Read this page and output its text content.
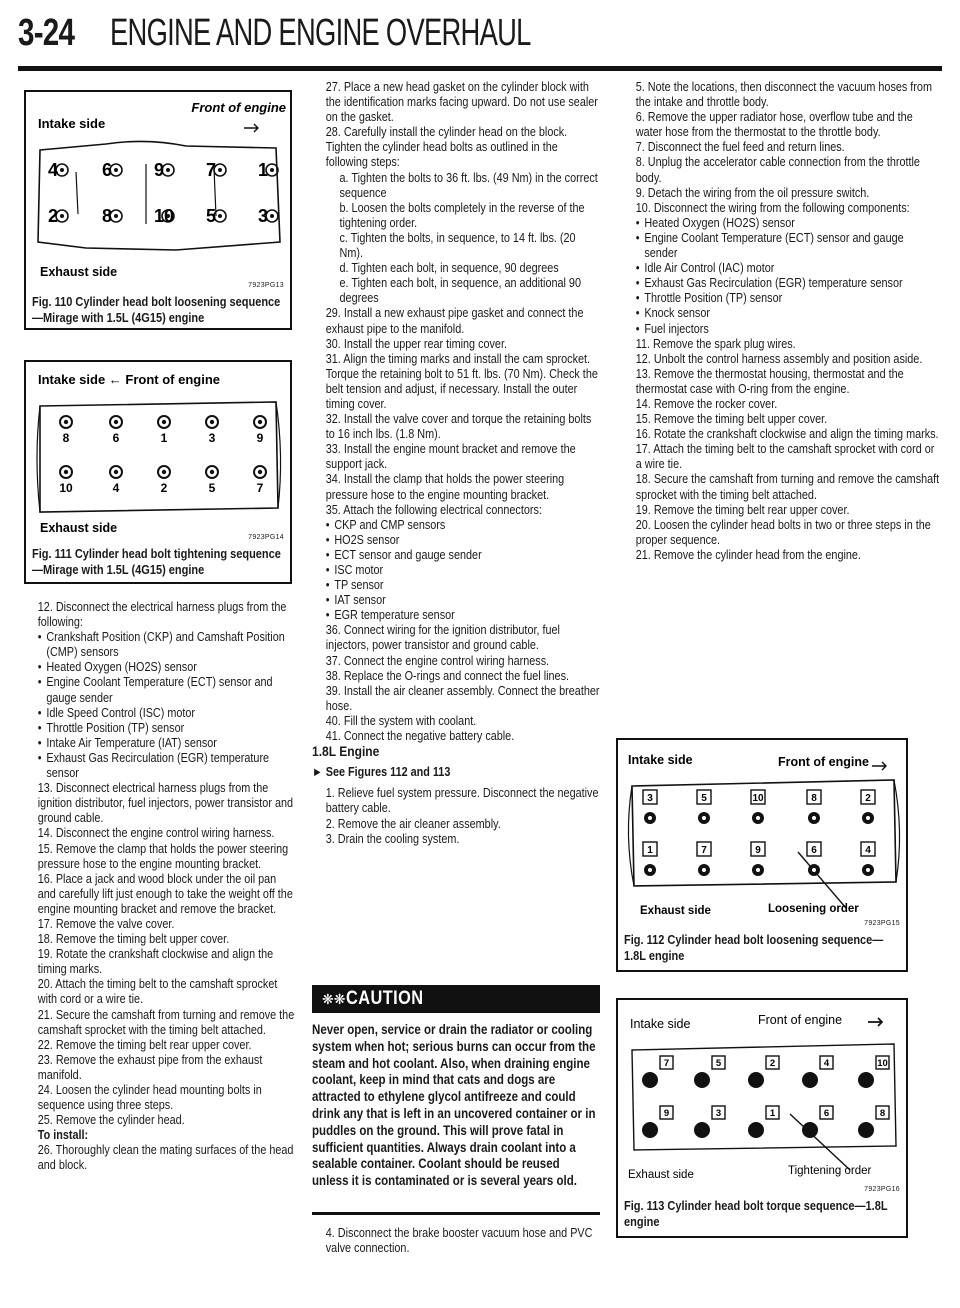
3-24 ENGINE AND ENGINE OVERHAUL
Front of engine
Intake side
4 6 9 7 1
2 8 10 5 3
Exhaust side
7923PG13
Fig. 110 Cylinder head bolt loosening sequence—Mirage with 1.5L (4G15) engine
Intake side ← Front of engine
8	6	1	3	9
10	4	2	5	7
Exhaust side
7923PG14
Fig. 111 Cylinder head bolt tightening sequence—Mirage with 1.5L (4G15) engine

12. Disconnect the electrical harness plugs from the following:

• Crankshaft Position (CKP) and Camshaft Position (CMP) sensors

• Heated Oxygen (HO2S) sensor

• Engine Coolant Temperature (ECT) sensor and gauge sender

• Idle Speed Control (ISC) motor

• Throttle Position (TP) sensor

• Intake Air Temperature (IAT) sensor

• Exhaust Gas Recirculation (EGR) temperature sensor

13. Disconnect electrical harness plugs from the ignition distributor, fuel injectors, power transistor and ground cable.

14. Disconnect the engine control wiring harness.

15. Remove the clamp that holds the power steering pressure hose to the engine mounting bracket.

16. Place a jack and wood block under the oil pan and carefully lift just enough to take the weight off the engine mounting bracket and remove the bracket.

17. Remove the valve cover.

18. Remove the timing belt upper cover.

19. Rotate the crankshaft clockwise and align the timing marks.

20. Attach the timing belt to the camshaft sprocket with cord or a wire tie.

21. Secure the camshaft from turning and remove the camshaft sprocket with the timing belt attached.

22. Remove the timing belt rear upper cover.

23. Remove the exhaust pipe from the exhaust manifold.

24. Loosen the cylinder head mounting bolts in sequence using three steps.

25. Remove the cylinder head.

To install:

26. Thoroughly clean the mating surfaces of the head and block.

27. Place a new head gasket on the cylinder block with the identification marks facing upward. Do not use sealer on the gasket.

28. Carefully install the cylinder head on the block. Tighten the cylinder head bolts as outlined in the following steps:

a. Tighten the bolts to 36 ft. lbs. (49 Nm) in the correct sequence

b. Loosen the bolts completely in the reverse of the tightening order.

c. Tighten the bolts, in sequence, to 14 ft. lbs. (20 Nm).

d. Tighten each bolt, in sequence, 90 degrees

e. Tighten each bolt, in sequence, an additional 90 degrees

29. Install a new exhaust pipe gasket and connect the exhaust pipe to the manifold.

30. Install the upper rear timing cover.

31. Align the timing marks and install the cam sprocket. Torque the retaining bolt to 51 ft. lbs. (70 Nm). Check the belt tension and adjust, if necessary. Install the outer timing cover.

32. Install the valve cover and torque the retaining bolts to 16 inch lbs. (1.8 Nm).

33. Install the engine mount bracket and remove the support jack.

34. Install the clamp that holds the power steering pressure hose to the engine mounting bracket.

35. Attach the following electrical connectors:

• CKP and CMP sensors

• HO2S sensor

• ECT sensor and gauge sender

• ISC motor

• TP sensor

• IAT sensor

• EGR temperature sensor

36. Connect wiring for the ignition distributor, fuel injectors, power transistor and ground cable.

37. Connect the engine control wiring harness.

38. Replace the O-rings and connect the fuel lines.

39. Install the air cleaner assembly. Connect the breather hose.

40. Fill the system with coolant.

41. Connect the negative battery cable.

1.8L Engine

► See Figures 112 and 113

1. Relieve fuel system pressure. Disconnect the negative battery cable.

2. Remove the air cleaner assembly.

3. Drain the cooling system.

❋❋ CAUTION
Never open, service or drain the radiator or cooling system when hot; serious burns can occur from the steam and hot coolant. Also, when draining engine coolant, keep in mind that cats and dogs are attracted to ethylene glycol antifreeze and could drink any that is left in an uncovered container or in puddles on the ground. This will prove fatal in sufficient quantities. Always drain coolant into a sealable container. Coolant should be reused unless it is contaminated or is several years old.

4. Disconnect the brake booster vacuum hose and PVC valve connection.

5. Note the locations, then disconnect the vacuum hoses from the intake and throttle body.

6. Remove the upper radiator hose, overflow tube and the water hose from the thermostat to the throttle body.

7. Disconnect the fuel feed and return lines.

8. Unplug the accelerator cable connection from the throttle body.

9. Detach the wiring from the oil pressure switch.

10. Disconnect the wiring from the following components:

• Heated Oxygen (HO2S) sensor

• Engine Coolant Temperature (ECT) sensor and gauge sender

• Idle Air Control (IAC) motor

• Exhaust Gas Recirculation (EGR) temperature sensor

• Throttle Position (TP) sensor

• Knock sensor

• Fuel injectors

11. Remove the spark plug wires.

12. Unbolt the control harness assembly and position aside.

13. Remove the thermostat housing, thermostat and the thermostat case with O-ring from the engine.

14. Remove the rocker cover.

15. Remove the timing belt upper cover.

16. Rotate the crankshaft clockwise and align the timing marks.

17. Attach the timing belt to the camshaft sprocket with cord or a wire tie.

18. Secure the camshaft from turning and remove the camshaft sprocket with the timing belt attached.

19. Remove the timing belt rear upper cover.

20. Loosen the cylinder head bolts in two or three steps in the proper sequence.

21. Remove the cylinder head from the engine.

Intake side	Front of engine
3	5	10	8	2
1	7	9	6	4
Exhaust side	Loosening order
7923PG15
Fig. 112 Cylinder head bolt loosening sequence—1.8L engine
Intake side	Front of engine
7	5	2	4	10
9	3	1	6	8
Exhaust side	Tightening order
7923PG16
Fig. 113 Cylinder head bolt torque sequence—1.8L engine
